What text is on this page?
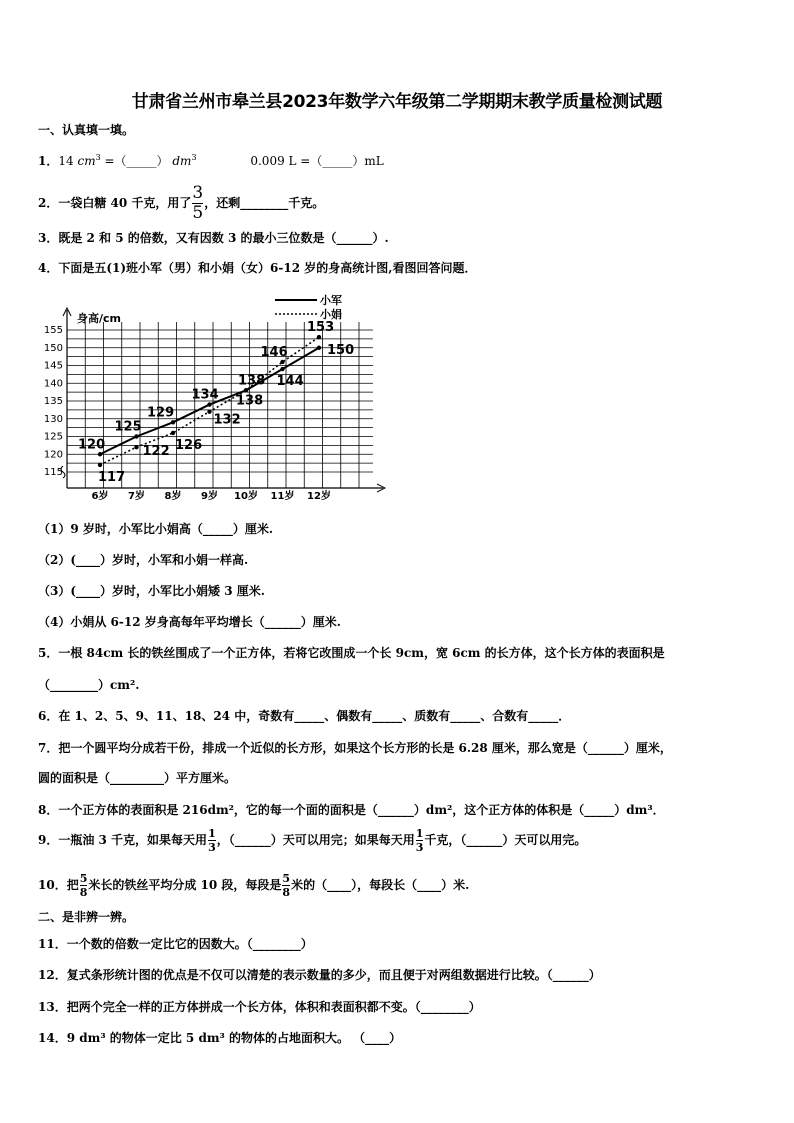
甘肃省兰州市皋兰县2023年数学六年级第二学期期末教学质量检测试题
一、认真填一填。
1．14 $cm^3$ =（_____） $dm^3$	0.009 L =（_____）mL
2．一袋白糖 40 千克，用了 $\frac{3}{5}$ ，还剩________千克。
3．既是 2 和 5 的倍数，又有因数 3 的最小三位数是（______）.
4．下面是五(1)班小军（男）和小娟（女）6-12 岁的身高统计图,看图回答问题．
身高/cm
小军
小娟
115
120
125
130
135
140
145
150
155
6岁 7岁 8岁 9岁 10岁 11岁 12岁
120
125
129
134
138 144
150
117
122 126
132
138
146
153
（1）9 岁时，小军比小娟高（_____）厘米.
（2）(____）岁时，小军和小娟一样高.
（3）(____）岁时，小军比小娟矮 3 厘米.
（4）小娟从 6-12 岁身高每年平均增长（______）厘米.
5．一根 84cm 长的铁丝围成了一个正方体，若将它改围成一个长 9cm，宽 6cm 的长方体，这个长方体的表面积是
（________）cm².
6．在 1、2、5、9、11、18、24 中，奇数有_____、偶数有_____、质数有_____、合数有_____．
7．把一个圆平均分成若干份，排成一个近似的长方形，如果这个长方形的长是 6.28 厘米，那么宽是（______）厘米，
圆的面积是（_________）平方厘米。
8．一个正方体的表面积是 216dm²，它的每一个面的面积是（______）dm²，这个正方体的体积是（_____）dm³．
9．一瓶油 3 千克，如果每天用 $\frac{1}{3}$ ，（______）天可以用完；如果每天用 $\frac{1}{3}$ 千克，（______）天可以用完。
10．把 $\frac{5}{8}$ 米长的铁丝平均分成 10 段，每段是 $\frac{5}{8}$ 米的（____），每段长（____）米.
二、是非辨一辨。
11．一个数的倍数一定比它的因数大。（________）
12．复式条形统计图的优点是不仅可以清楚的表示数量的多少，而且便于对两组数据进行比较。（______）
13．把两个完全一样的正方体拼成一个长方体，体积和表面积都不变。（________）
14．9 dm³ 的物体一定比 5 dm³ 的物体的占地面积大。 （____）
